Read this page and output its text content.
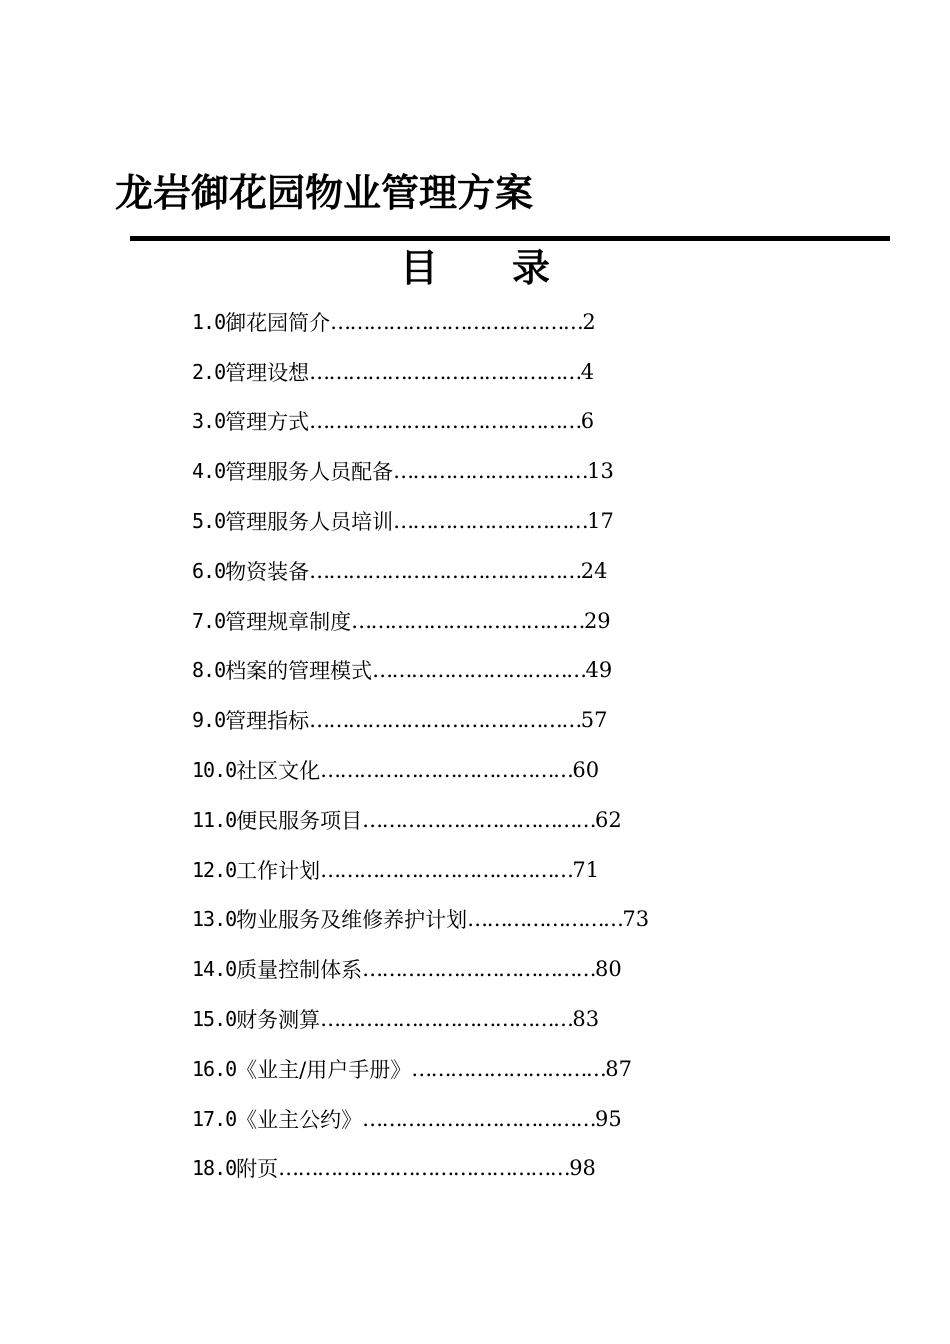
龙岩御花园物业管理方案
目 录
1.0 御花园简介 ………………………………… 2
2.0 管理设想 …………………………………… 4
3.0 管理方式 …………………………………… 6
4.0 管理服务人员配备 ………………………… 13
5.0 管理服务人员培训 ………………………… 17
6.0 物资装备 …………………………………… 24
7.0 管理规章制度 ……………………………… 29
8.0 档案的管理模式 …………………………… 49
9.0 管理指标 …………………………………… 57
10.0 社区文化 ………………………………… 60
11.0 便民服务项目 ……………………………… 62
12.0 工作计划 ………………………………… 71
13.0 物业服务及维修养护计划 …………………… 73
14.0 质量控制体系 ……………………………… 80
15.0 财务测算 ………………………………… 83
16.0 《业主/用户手册》 ………………………… 87
17.0 《业主公约》 ……………………………… 95
18.0 附页 ……………………………………… 98
